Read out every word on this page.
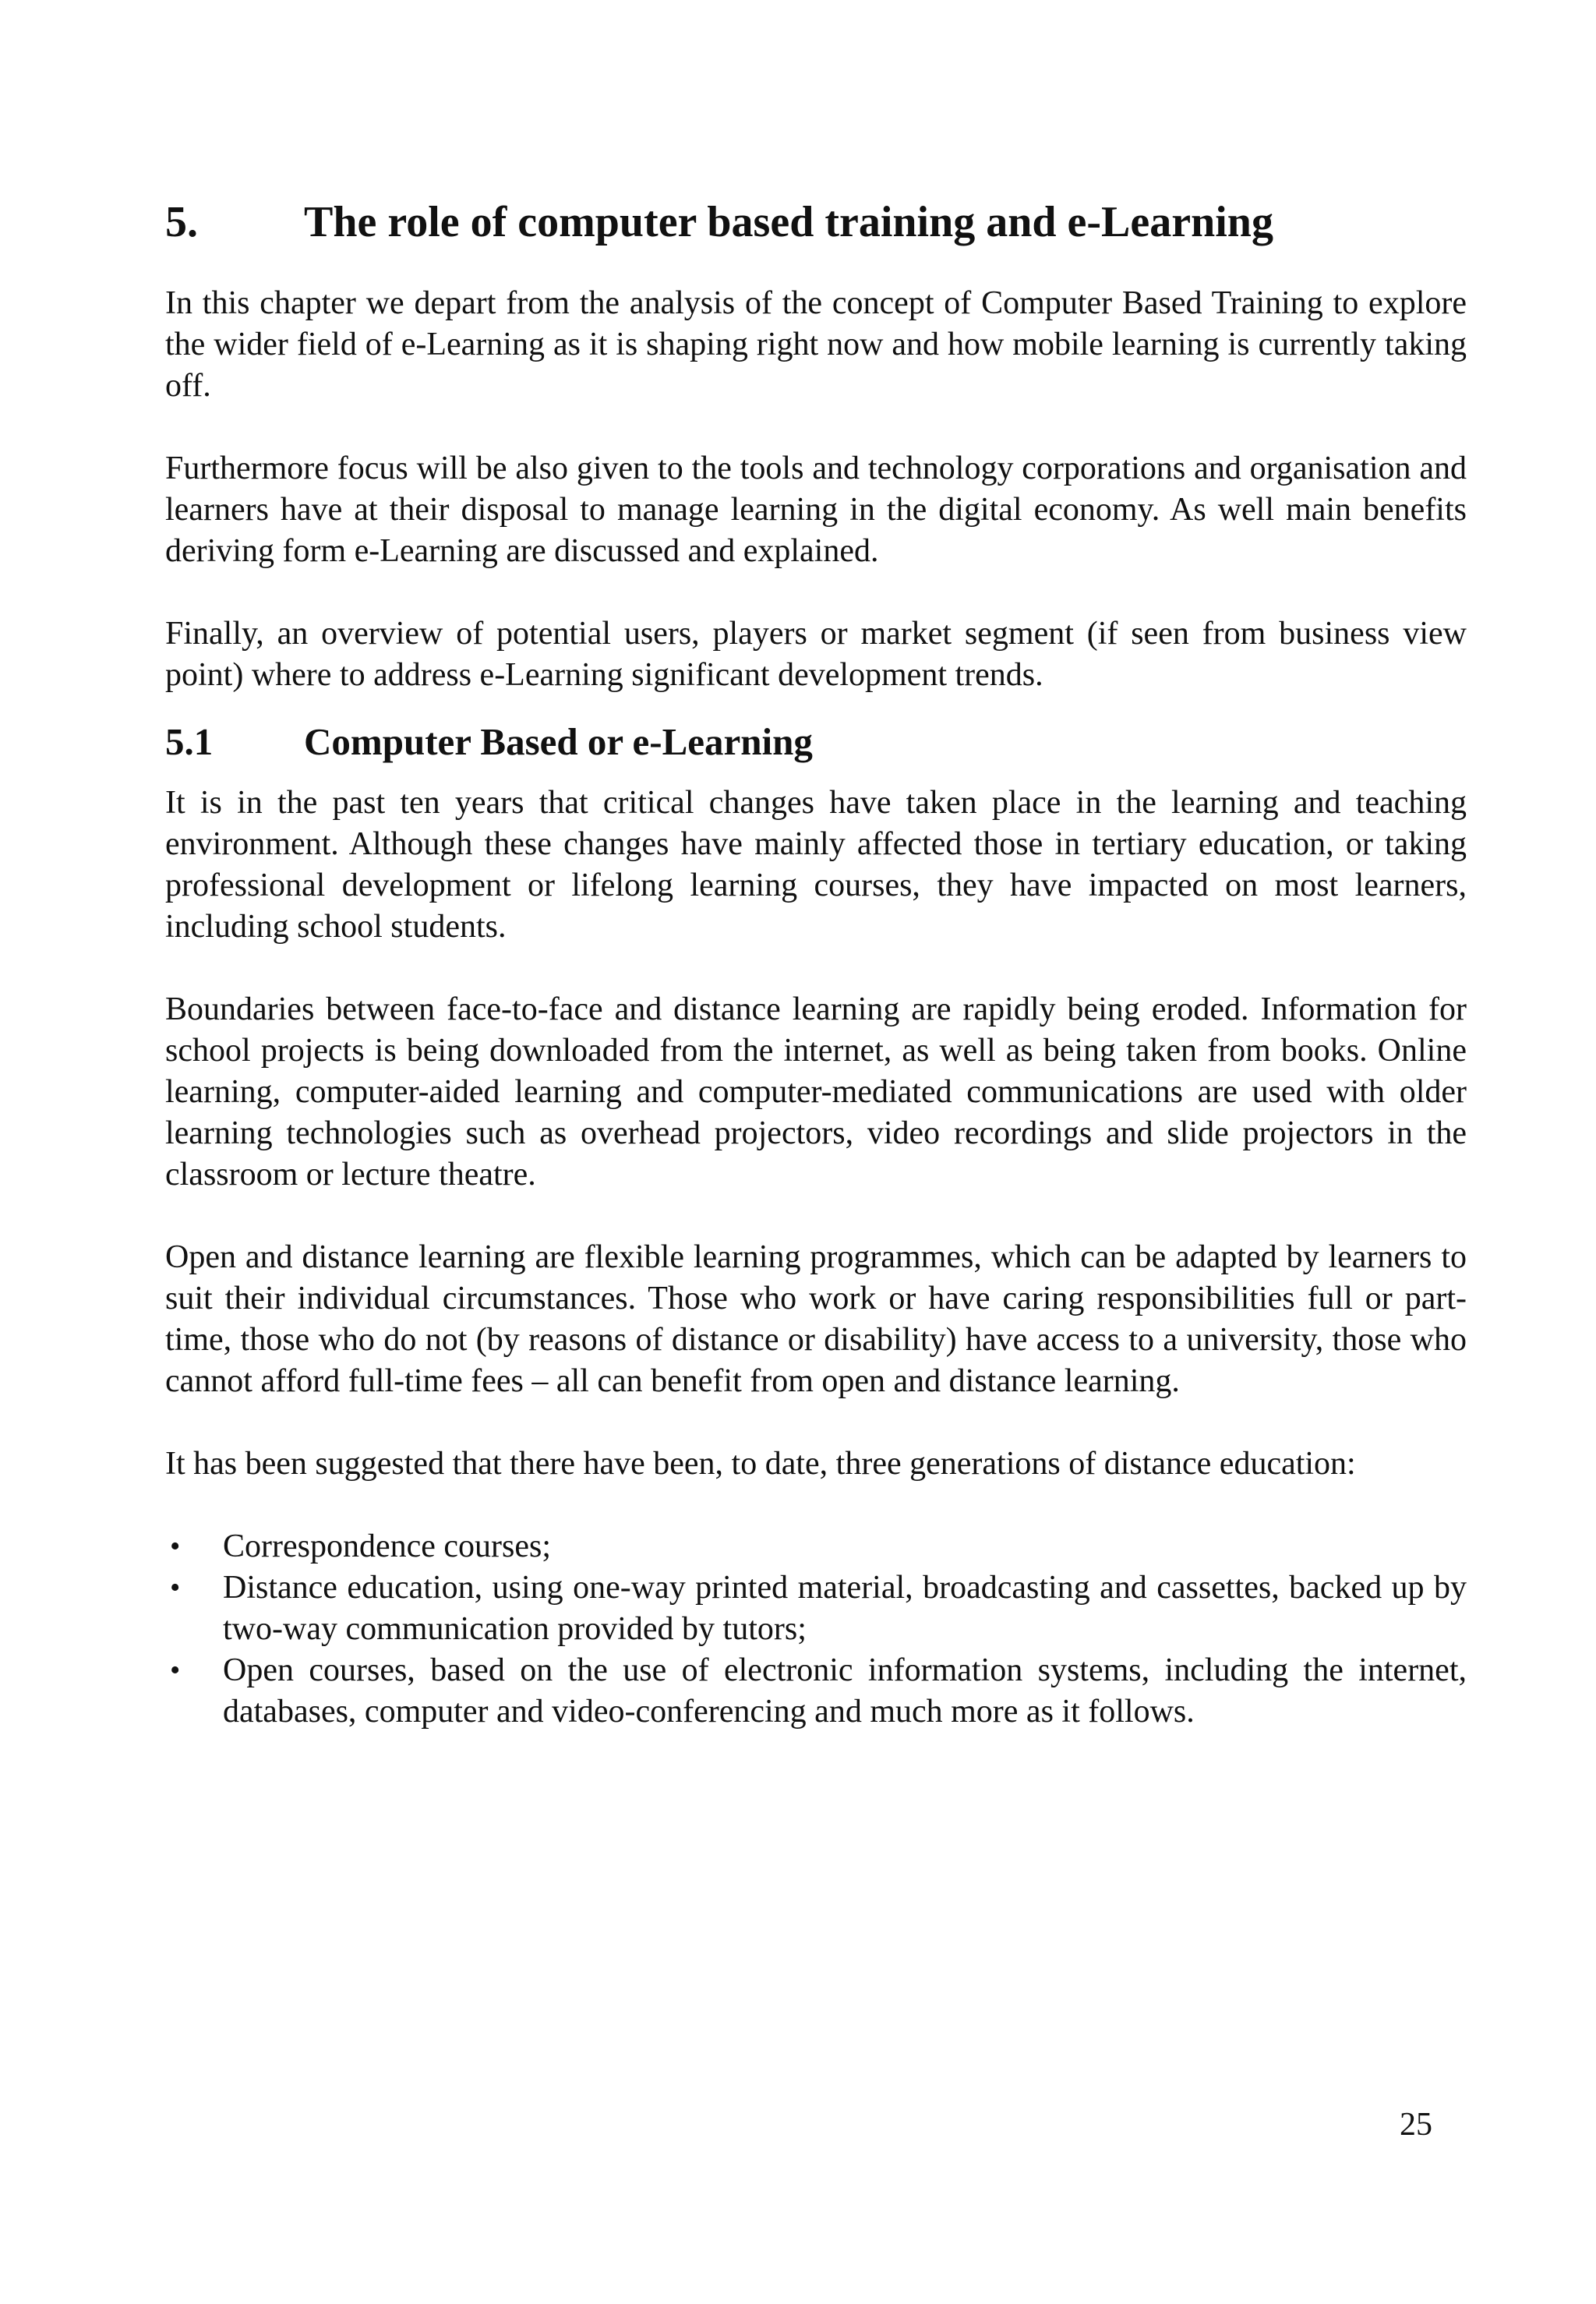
5.	The role of computer based training and e-Learning

In this chapter we depart from the analysis of the concept of Computer Based Training to explore the wider field of e-Learning as it is shaping right now and how mobile learning is currently taking off.

Furthermore focus will be also given to the tools and technology corporations and organisation and learners have at their disposal to manage learning in the digital economy. As well main benefits deriving form e-Learning are discussed and explained.

Finally, an overview of potential users, players or market segment (if seen from business view point) where to address e-Learning significant development trends.

5.1	Computer Based or e-Learning

It is in the past ten years that critical changes have taken place in the learning and teaching environment. Although these changes have mainly affected those in tertiary education, or taking professional development or lifelong learning courses, they have impacted on most learners, including school students.

Boundaries between face-to-face and distance learning are rapidly being eroded. Information for school projects is being downloaded from the internet, as well as being taken from books. Online learning, computer-aided learning and computer-mediated communications are used with older learning technologies such as overhead projectors, video recordings and slide projectors in the classroom or lecture theatre.

Open and distance learning are flexible learning programmes, which can be adapted by learners to suit their individual circumstances. Those who work or have caring responsibilities full or part-time, those who do not (by reasons of distance or disability) have access to a university, those who cannot afford full-time fees – all can benefit from open and distance learning.

It has been suggested that there have been, to date, three generations of distance education:

• Correspondence courses;
• Distance education, using one-way printed material, broadcasting and cassettes, backed up by two-way communication provided by tutors;
• Open courses, based on the use of electronic information systems, including the internet, databases, computer and video-conferencing and much more as it follows.
25
